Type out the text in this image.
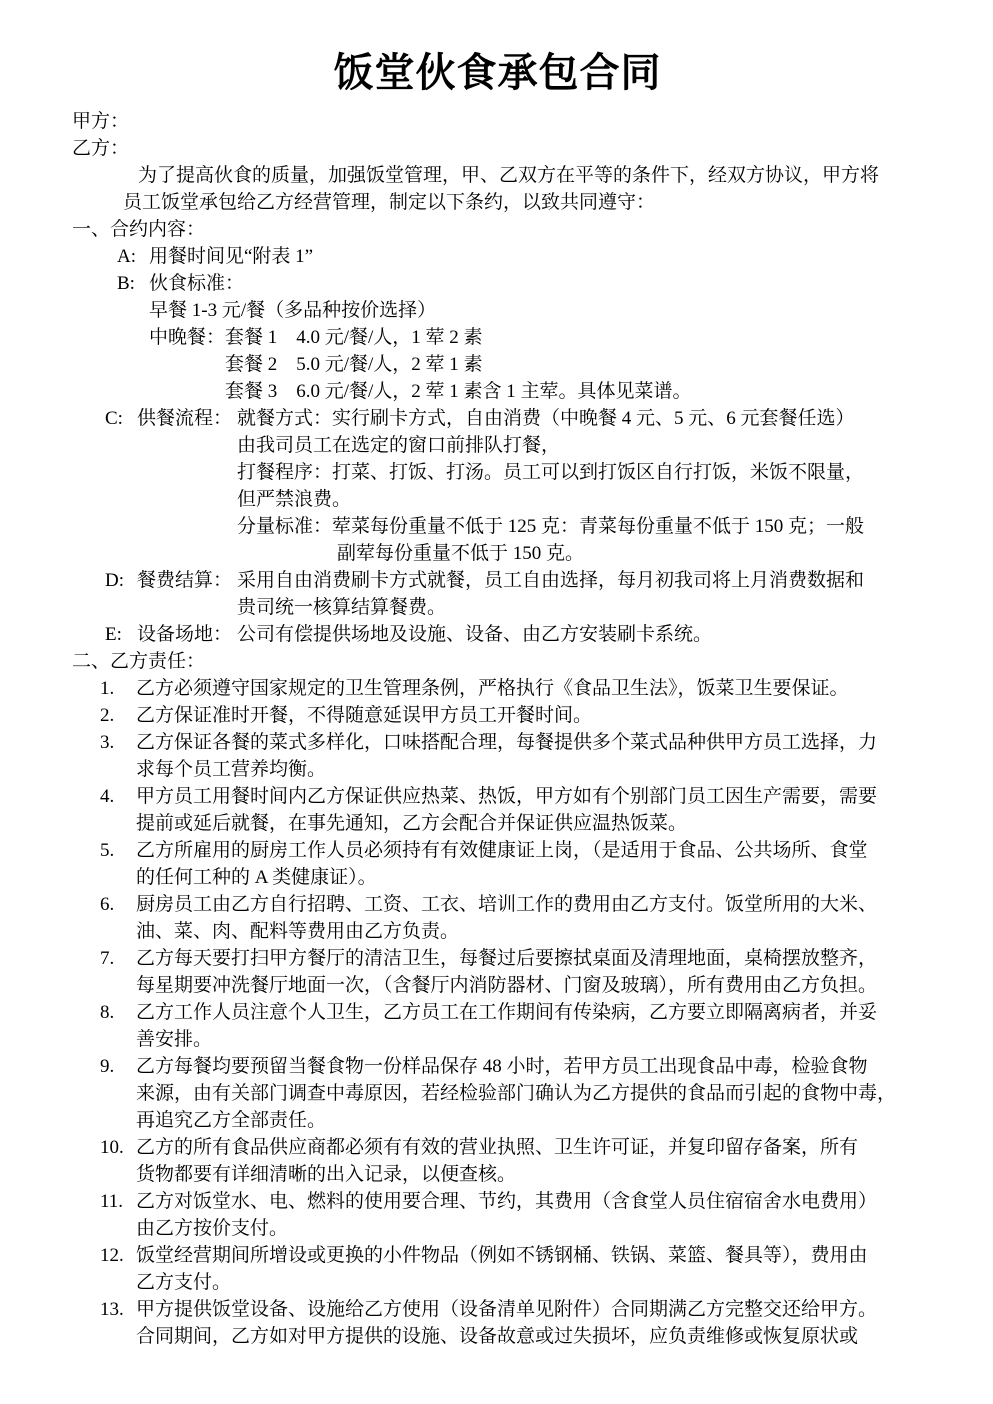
饭堂伙食承包合同
甲方：
乙方：
为了提高伙食的质量，加强饭堂管理，甲、乙双方在平等的条件下，经双方协议，甲方将
员工饭堂承包给乙方经营管理，制定以下条约，以致共同遵守：
一、合约内容：
A: 用餐时间见“附表 1”
B: 伙食标准：
早餐 1-3 元/餐（多品种按价选择）
中晚餐： 套餐 1　4.0 元/餐/人，1 荤 2 素
套餐 2　5.0 元/餐/人，2 荤 1 素
套餐 3　6.0 元/餐/人，2 荤 1 素含 1 主荤。具体见菜谱。
C: 供餐流程： 就餐方式：实行刷卡方式，自由消费（中晚餐 4 元、5 元、6 元套餐任选）
由我司员工在选定的窗口前排队打餐，
打餐程序：打菜、打饭、打汤。员工可以到打饭区自行打饭，米饭不限量，
但严禁浪费。
分量标准：荤菜每份重量不低于 125 克：青菜每份重量不低于 150 克；一般
副荤每份重量不低于 150 克。
D: 餐费结算： 采用自由消费刷卡方式就餐，员工自由选择，每月初我司将上月消费数据和
贵司统一核算结算餐费。
E: 设备场地： 公司有偿提供场地及设施、设备、由乙方安装刷卡系统。
二、乙方责任：
1.	乙方必须遵守国家规定的卫生管理条例，严格执行《食品卫生法》，饭菜卫生要保证。
2.	乙方保证准时开餐，不得随意延误甲方员工开餐时间。
3.	乙方保证各餐的菜式多样化，口味搭配合理，每餐提供多个菜式品种供甲方员工选择，力
求每个员工营养均衡。
4.	甲方员工用餐时间内乙方保证供应热菜、热饭，甲方如有个别部门员工因生产需要，需要
提前或延后就餐，在事先通知，乙方会配合并保证供应温热饭菜。
5.	乙方所雇用的厨房工作人员必须持有有效健康证上岗，（是适用于食品、公共场所、食堂
的任何工种的 A 类健康证）。
6.	厨房员工由乙方自行招聘、工资、工衣、培训工作的费用由乙方支付。饭堂所用的大米、
油、菜、肉、配料等费用由乙方负责。
7.	乙方每天要打扫甲方餐厅的清洁卫生，每餐过后要擦拭桌面及清理地面，桌椅摆放整齐，
每星期要冲洗餐厅地面一次，（含餐厅内消防器材、门窗及玻璃），所有费用由乙方负担。
8.	乙方工作人员注意个人卫生，乙方员工在工作期间有传染病，乙方要立即隔离病者，并妥
善安排。
9.	乙方每餐均要预留当餐食物一份样品保存 48 小时，若甲方员工出现食品中毒，检验食物
来源，由有关部门调查中毒原因，若经检验部门确认为乙方提供的食品而引起的食物中毒，
再追究乙方全部责任。
10. 乙方的所有食品供应商都必须有有效的营业执照、卫生许可证，并复印留存备案，所有
货物都要有详细清晰的出入记录，以便查核。
11. 乙方对饭堂水、电、燃料的使用要合理、节约，其费用（含食堂人员住宿宿舍水电费用）
由乙方按价支付。
12. 饭堂经营期间所增设或更换的小件物品（例如不锈钢桶、铁锅、菜篮、餐具等），费用由
乙方支付。
13. 甲方提供饭堂设备、设施给乙方使用（设备清单见附件）合同期满乙方完整交还给甲方。
合同期间，乙方如对甲方提供的设施、设备故意或过失损坏，应负责维修或恢复原状或
